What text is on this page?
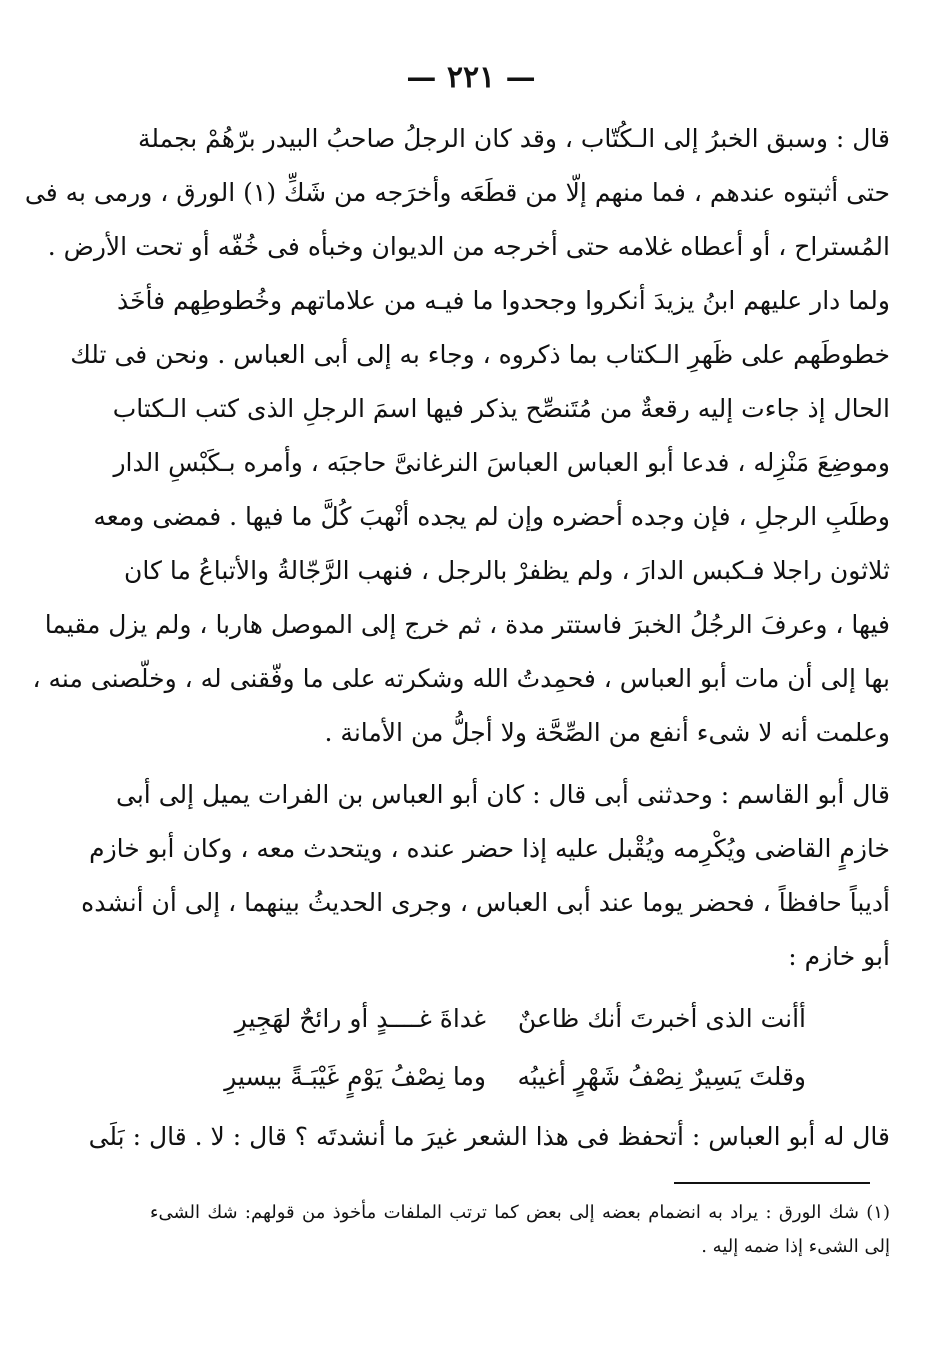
— ٢٢١ —
قال : وسبق الخبرُ إلى الـكُتّاب ، وقد كان الرجلُ صاحبُ البيدر برّهُمْ بجملة
حتى أثبتوه عندهم ، فما منهم إلّا من قطَعَه وأخرَجه من شَكِّ (١) الورق ، ورمى به فى
المُستراح ، أو أعطاه غلامه حتى أخرجه من الديوان وخبأه فى خُفّه أو تحت الأرض .
ولما دار عليهم ابنُ يزيدَ أنكروا وجحدوا ما فيـه من علاماتهم وخُطوطِهم فأخَذ
خطوطَهم على ظَهرِ الـكتاب بما ذكروه ، وجاء به إلى أبى العباس . ونحن فى تلك
الحال إذ جاءت إليه رقعةٌ من مُتَنصِّح يذكر فيها اسمَ الرجلِ الذى كتب الـكتاب
وموضِعَ مَنْزِله ، فدعا أبو العباس العباسَ النرغانىَّ حاجبَه ، وأمره بـكَبْسِ الدار
وطلَبِ الرجلِ ، فإن وجده أحضره وإن لم يجده أنْهبَ كُلَّ ما فيها . فمضى ومعه
ثلاثون راجلا فـكبس الدارَ ، ولم يظفرْ بالرجل ، فنهب الرَّجّالةُ والأتباعُ ما كان
فيها ، وعرفَ الرجُلُ الخبرَ فاستتر مدة ، ثم خرج إلى الموصل هاربا ، ولم يزل مقيما
بها إلى أن مات أبو العباس ، فحمِدتُ الله وشكرته على ما وفّقنى له ، وخلّصنى منه ،
وعلمت أنه لا شىء أنفع من الصِّحَّة ولا أجلُّ من الأمانة .
قال أبو القاسم : وحدثنى أبى قال : كان أبو العباس بن الفرات يميل إلى أبى
خازمٍ القاضى ويُكْرِمه ويُقْبل عليه إذا حضر عنده ، ويتحدث معه ، وكان أبو خازم
أديباً حافظاً ، فحضر يوما عند أبى العباس ، وجرى الحديثُ بينهما ، إلى أن أنشده
أبو خازم :
أأنت الذى أخبرتَ أنك ظاعنٌ
غداةَ غــــدٍ أو رائحٌ لهَجِيرِ
وقلتَ يَسِيرٌ نِصْفُ شَهْرٍ أغيبُه
وما نِصْفُ يَوْمٍ غَيْبَـةً بيسيرِ
قال له أبو العباس : أتحفظ فى هذا الشعر غيرَ ما أنشدتَه ؟ قال : لا . قال : بَلَى
(١) شك الورق : يراد به انضمام بعضه إلى بعض كما ترتب الملفات مأخوذ من قولهم: شك الشىء
إلى الشىء إذا ضمه إليه .
